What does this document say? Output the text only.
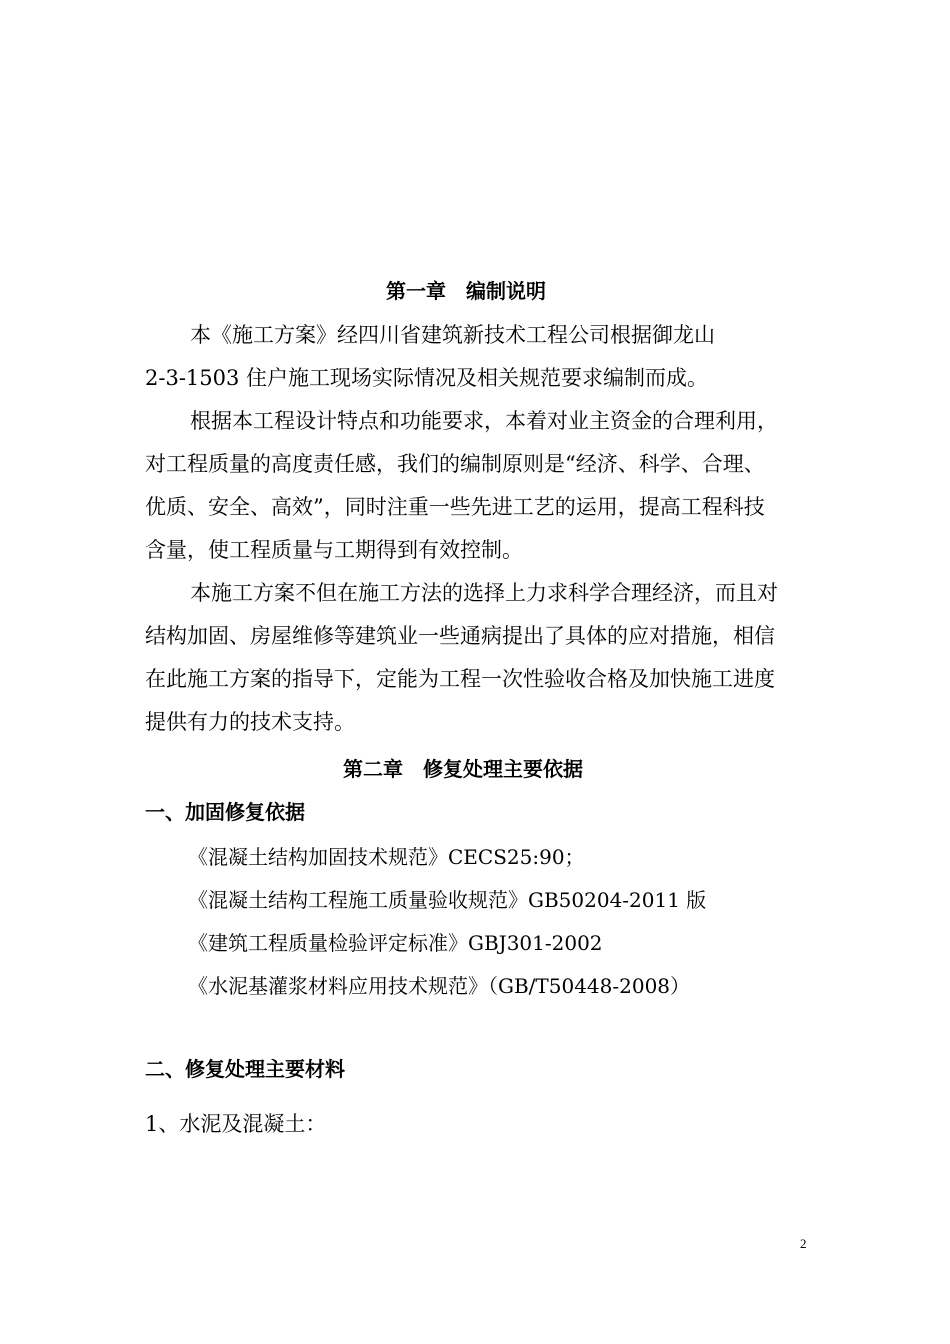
第一章　编制说明
本《施工方案》经四川省建筑新技术工程公司根据御龙山
2-3-1503 住户施工现场实际情况及相关规范要求编制而成。
根据本工程设计特点和功能要求，本着对业主资金的合理利用，
对工程质量的高度责任感，我们的编制原则是“经济、科学、合理、
优质、安全、高效”，同时注重一些先进工艺的运用，提高工程科技
含量，使工程质量与工期得到有效控制。
本施工方案不但在施工方法的选择上力求科学合理经济，而且对
结构加固、房屋维修等建筑业一些通病提出了具体的应对措施，相信
在此施工方案的指导下，定能为工程一次性验收合格及加快施工进度
提供有力的技术支持。
第二章　修复处理主要依据
一、加固修复依据
《混凝土结构加固技术规范》CECS25:90；
《混凝土结构工程施工质量验收规范》GB50204-2011 版
《建筑工程质量检验评定标准》GBJ301-2002
《水泥基灌浆材料应用技术规范》（GB/T50448-2008）
二、修复处理主要材料
1、水泥及混凝土：
2
